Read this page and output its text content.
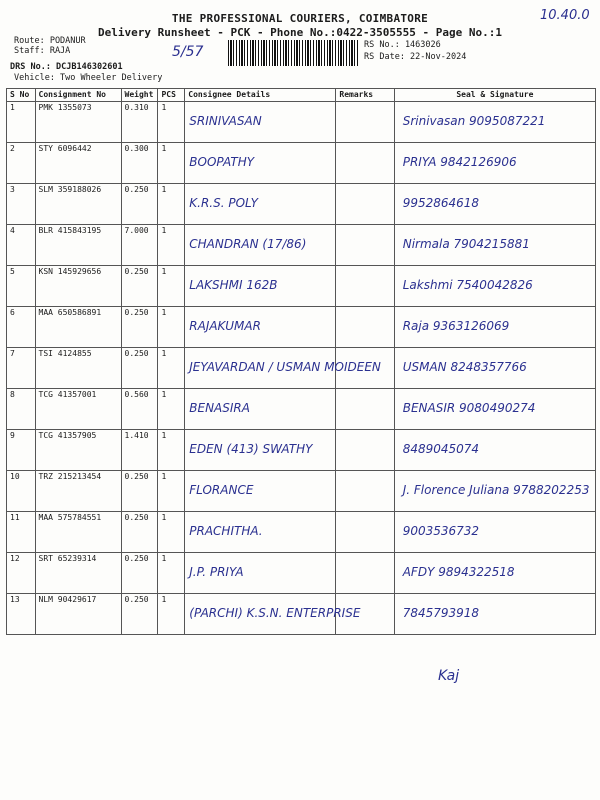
THE PROFESSIONAL COURIERS, COIMBATORE
Delivery Runsheet - PCK - Phone No.:0422-3505555 - Page No.:1
10.40.0
Route: PODANUR
Staff: RAJA
DRS No.: DCJB146302601
Vehicle: Two Wheeler Delivery
5/57	RS No.: 1463026
RS Date: 22-Nov-2024
S No	Consignment No	Weight	PCS	Consignee Details	Remarks	Seal & Signature
1	PMK 1355073	0.310	1	SRINIVASAN		Srinivasan 9095087221

2	STY 6096442	0.300	1	BOOPATHY		PRIYA 9842126906

3	SLM 359188026	0.250	1	K.R.S. POLY		9952864618

4	BLR 415843195	7.000	1	CHANDRAN (17/86)		Nirmala 7904215881

5	KSN 145929656	0.250	1	LAKSHMI 162B		Lakshmi 7540042826

6	MAA 650586891	0.250	1	RAJAKUMAR		Raja 9363126069

7	TSI 4124855	0.250	1	JEYAVARDAN / USMAN MOIDEEN		USMAN 8248357766

8	TCG 41357001	0.560	1	BENASIRA		BENASIR 9080490274

9	TCG 41357905	1.410	1	EDEN (413) SWATHY		8489045074

10	TRZ 215213454	0.250	1	FLORANCE		J. Florence Juliana 9788202253

11	MAA 575784551	0.250	1	PRACHITHA.		9003536732

12	SRT 65239314	0.250	1	J.P. PRIYA		AFDY 9894322518

13	NLM 90429617	0.250	1	(PARCHI) K.S.N. ENTERPRISE		7845793918
Kaj
